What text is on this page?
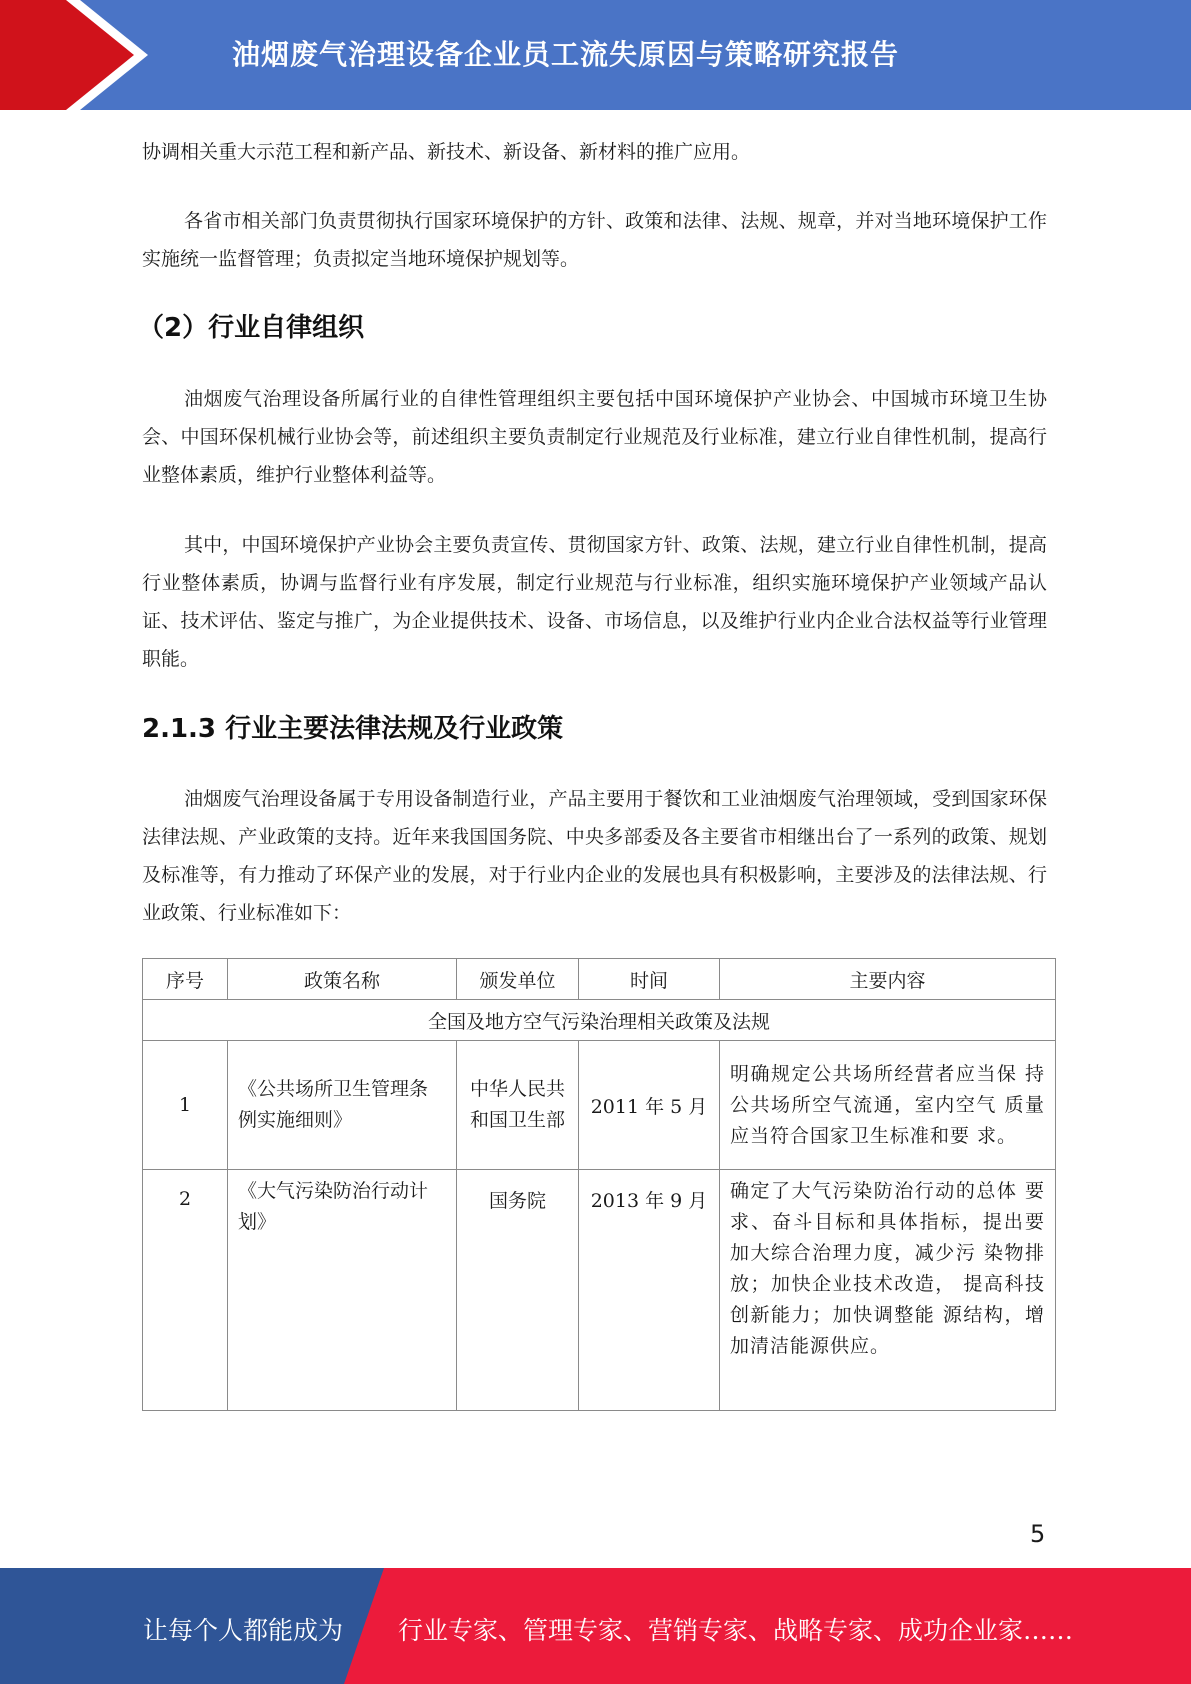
油烟废气治理设备企业员工流失原因与策略研究报告
协调相关重大示范工程和新产品、新技术、新设备、新材料的推广应用。
各省市相关部门负责贯彻执行国家环境保护的方针、政策和法律、法规、规章，并对当地环境保护工作实施统一监督管理；负责拟定当地环境保护规划等。
（2）行业自律组织
油烟废气治理设备所属行业的自律性管理组织主要包括中国环境保护产业协会、中国城市环境卫生协会、中国环保机械行业协会等，前述组织主要负责制定行业规范及行业标准，建立行业自律性机制，提高行业整体素质，维护行业整体利益等。
其中，中国环境保护产业协会主要负责宣传、贯彻国家方针、政策、法规，建立行业自律性机制，提高行业整体素质，协调与监督行业有序发展，制定行业规范与行业标准，组织实施环境保护产业领域产品认证、技术评估、鉴定与推广，为企业提供技术、设备、市场信息，以及维护行业内企业合法权益等行业管理职能。
2.1.3 行业主要法律法规及行业政策
油烟废气治理设备属于专用设备制造行业，产品主要用于餐饮和工业油烟废气治理领域，受到国家环保法律法规、产业政策的支持。近年来我国国务院、中央多部委及各主要省市相继出台了一系列的政策、规划及标准等，有力推动了环保产业的发展，对于行业内企业的发展也具有积极影响，主要涉及的法律法规、行业政策、行业标准如下：
序号	政策名称	颁发单位	时间	主要内容
全国及地方空气污染治理相关政策及法规				
1	《公共场所卫生管理条例实施细则》	中华人民共和国卫生部	2011 年 5 月	明确规定公共场所经营者应当保 持公共场所空气流通，室内空气 质量应当符合国家卫生标准和要 求。
2	《大气污染防治行动计划》	国务院	2013 年 9 月	确定了大气污染防治行动的总体 要求、奋斗目标和具体指标，提出要加大综合治理力度，减少污 染物排放；加快企业技术改造， 提高科技创新能力；加快调整能 源结构，增加清洁能源供应。
5
让每个人都能成为 行业专家、管理专家、营销专家、战略专家、成功企业家……
